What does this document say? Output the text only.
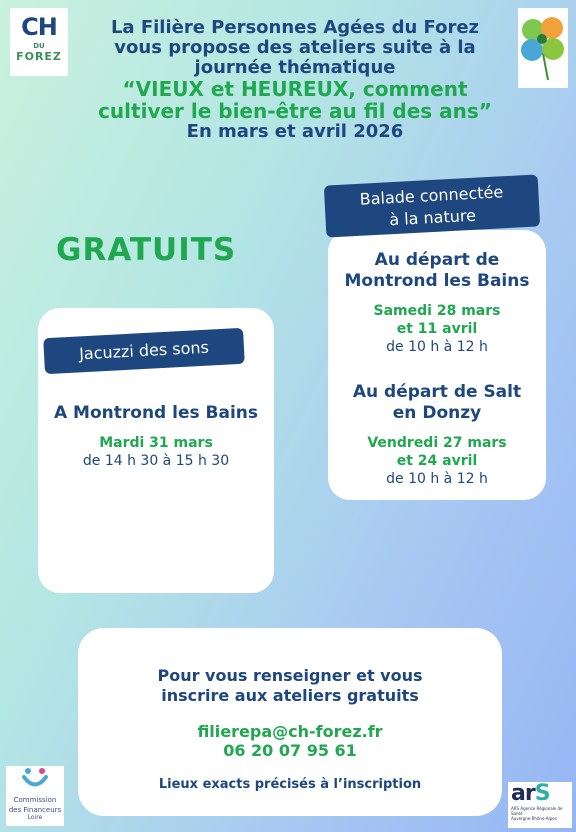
CH
DU
FOREZ
La Filière Personnes Agées du Forez
vous propose des ateliers suite à la
journée thématique
“VIEUX et HEUREUX, comment
cultiver le bien-être au fil des ans”
En mars et avril 2026
GRATUITS	Au départ de
Montrond les Bains
Samedi 28 mars
et 11 avril
de 10 h à 12 h
Au départ de Salt
en Donzy
Vendredi 27 mars
et 24 avril
de 10 h à 12 h
Balade connectée
à la nature
A Montrond les Bains
Mardi 31 mars
de 14 h 30 à 15 h 30
Jacuzzi des sons
Pour vous renseigner et vous
inscrire aux ateliers gratuits
filierepa@ch-forez.fr
06 20 07 95 61
Lieux exacts précisés à l’inscription
Commission
des Financeurs
Loire
arS
ARS Agence Régionale de Santé
Auvergne-Rhône-Alpes
